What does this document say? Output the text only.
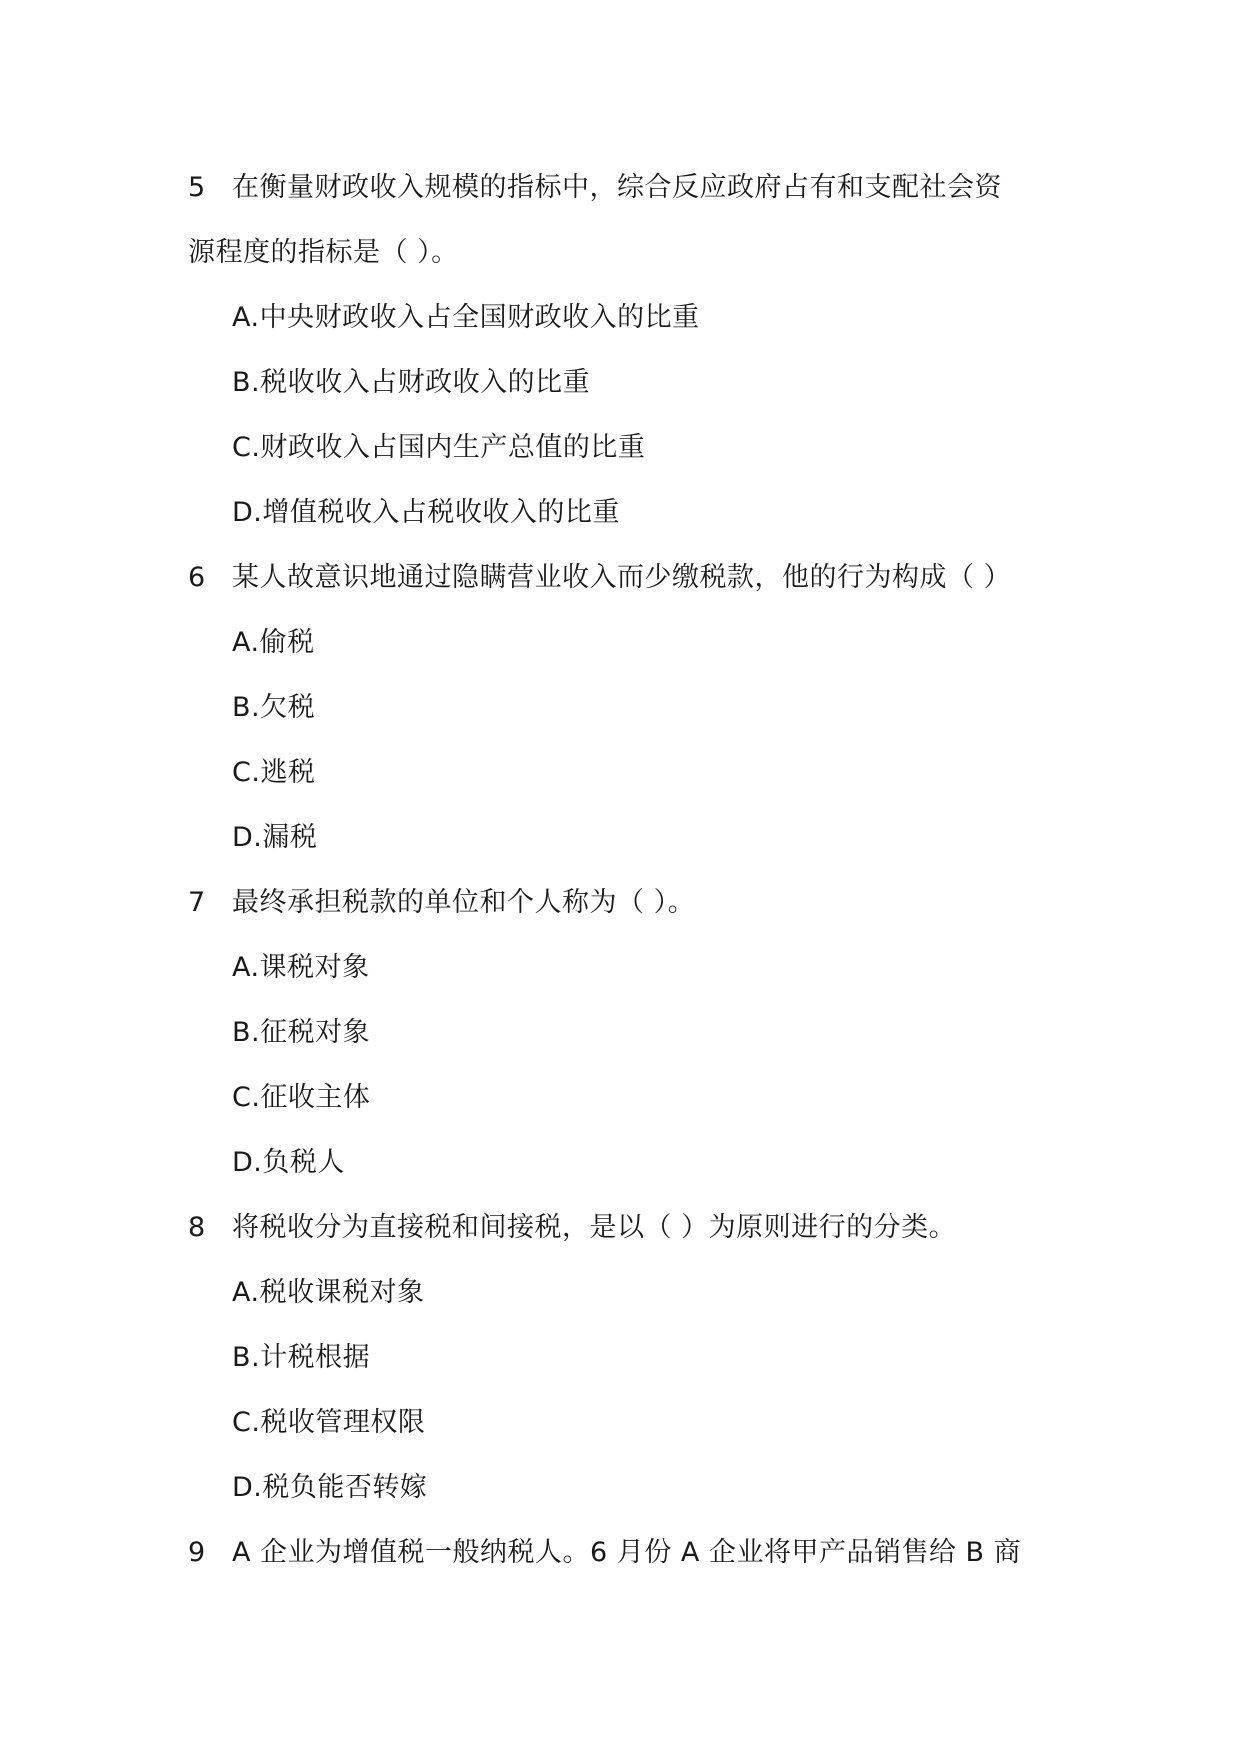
5 在衡量财政收入规模的指标中，综合反应政府占有和支配社会资
源程度的指标是（ ）。
A.中央财政收入占全国财政收入的比重
B.税收收入占财政收入的比重
C.财政收入占国内生产总值的比重
D.增值税收入占税收收入的比重
6 某人故意识地通过隐瞒营业收入而少缴税款，他的行为构成（ ）
A.偷税
B.欠税
C.逃税
D.漏税
7 最终承担税款的单位和个人称为（ ）。
A.课税对象
B.征税对象
C.征收主体
D.负税人
8 将税收分为直接税和间接税，是以（ ）为原则进行的分类。
A.税收课税对象
B.计税根据
C.税收管理权限
D.税负能否转嫁
9 A 企业为增值税一般纳税人。6 月份 A 企业将甲产品销售给 B 商
